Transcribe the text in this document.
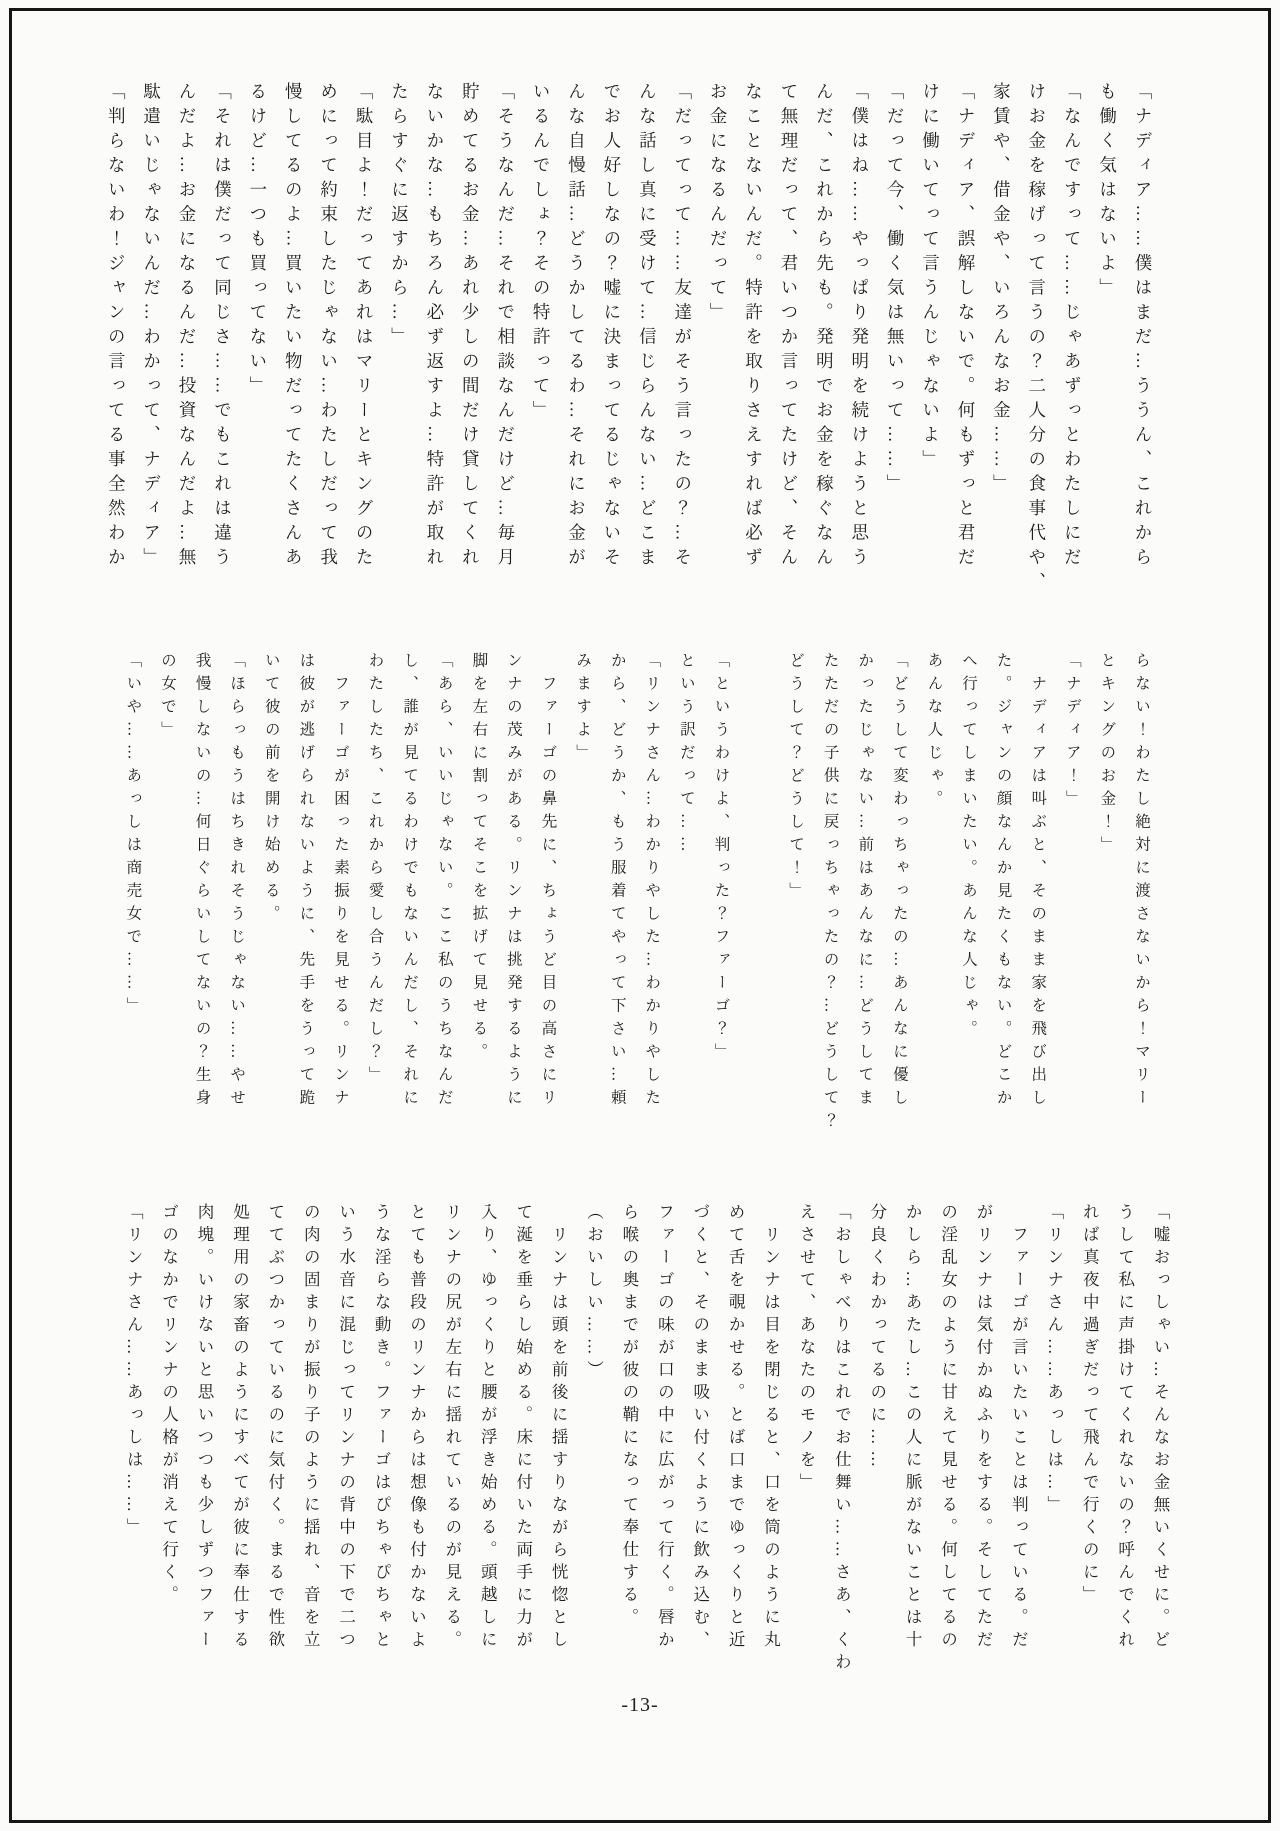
「ナディア……僕はまだ…ううん、これから
も働く気はないよ」
「なんですって……じゃあずっとわたしにだ
けお金を稼げって言うの？二人分の食事代や、
家賃や、借金や、いろんなお金……」
「ナディア、誤解しないで。何もずっと君だ
けに働いてって言うんじゃないよ」
「だって今、働く気は無いって……」
「僕はね……やっぱり発明を続けようと思う
んだ、これから先も。発明でお金を稼ぐなん
て無理だって、君いつか言ってたけど、そん
なことないんだ。特許を取りさえすれば必ず
お金になるんだって」
「だってって……友達がそう言ったの？…そ
んな話し真に受けて…信じらんない…どこま
でお人好しなの？嘘に決まってるじゃないそ
んな自慢話…どうかしてるわ…それにお金が
いるんでしょ？その特許って」
「そうなんだ…それで相談なんだけど…毎月
貯めてるお金…あれ少しの間だけ貸してくれ
ないかな…もちろん必ず返すよ…特許が取れ
たらすぐに返すから…」
「駄目よ！だってあれはマリーとキングのた
めにって約束したじゃない…わたしだって我
慢してるのよ…買いたい物だってたくさんあ
るけど…一つも買ってない」
「それは僕だって同じさ……でもこれは違う
んだよ…お金になるんだ…投資なんだよ…無
駄遣いじゃないんだ…わかって、ナディア」
「判らないわ！ジャンの言ってる事全然わか
らない！わたし絶対に渡さないから！マリー
とキングのお金！」
「ナディア！」
　ナディアは叫ぶと、そのまま家を飛び出し
た。ジャンの顔なんか見たくもない。どこか
へ行ってしまいたい。あんな人じゃ。
あんな人じゃ。
「どうして変わっちゃったの…あんなに優し
かったじゃない…前はあんなに…どうしてま
たただの子供に戻っちゃったの？…どうして？
どうして？どうして！」
「というわけよ、判った？ファーゴ？」
という訳だって……
「リンナさん…わかりやした…わかりやした
から、どうか、もう服着てやって下さい…頼
みますよ」
　ファーゴの鼻先に、ちょうど目の高さにリ
ンナの茂みがある。リンナは挑発するように
脚を左右に割ってそこを拡げて見せる。
「あら、いいじゃない。ここ私のうちなんだ
し、誰が見てるわけでもないんだし、それに
わたしたち、これから愛し合うんだし？」
　ファーゴが困った素振りを見せる。リンナ
は彼が逃げられないように、先手をうって跪
いて彼の前を開け始める。
「ほらっもうはちきれそうじゃない……やせ
我慢しないの…何日ぐらいしてないの？生身
の女で」
「いや……あっしは商売女で……」
「嘘おっしゃい…そんなお金無いくせに。ど
うして私に声掛けてくれないの？呼んでくれ
れば真夜中過ぎだって飛んで行くのに」
「リンナさん……あっしは…」
　ファーゴが言いたいことは判っている。だ
がリンナは気付かぬふりをする。そしてただ
の淫乱女のように甘えて見せる。何してるの
かしら…あたし…この人に脈がないことは十
分良くわかってるのに……
「おしゃべりはこれでお仕舞い……さあ、くわ
えさせて、あなたのモノを」
　リンナは目を閉じると、口を筒のように丸
めて舌を覗かせる。とば口までゆっくりと近
づくと、そのまま吸い付くように飲み込む、
ファーゴの味が口の中に広がって行く。唇か
ら喉の奥までが彼の鞘になって奉仕する。
（おいしい……）
　リンナは頭を前後に揺すりながら恍惚とし
て涎を垂らし始める。床に付いた両手に力が
入り、ゆっくりと腰が浮き始める。頭越しに
リンナの尻が左右に揺れているのが見える。
とても普段のリンナからは想像も付かないよ
うな淫らな動き。ファーゴはぴちゃぴちゃと
いう水音に混じってリンナの背中の下で二つ
の肉の固まりが振り子のように揺れ、音を立
ててぶつかっているのに気付く。まるで性欲
処理用の家畜のようにすべてが彼に奉仕する
肉塊。いけないと思いつつも少しずつファー
ゴのなかでリンナの人格が消えて行く。
「リンナさん……あっしは……」
-13-
